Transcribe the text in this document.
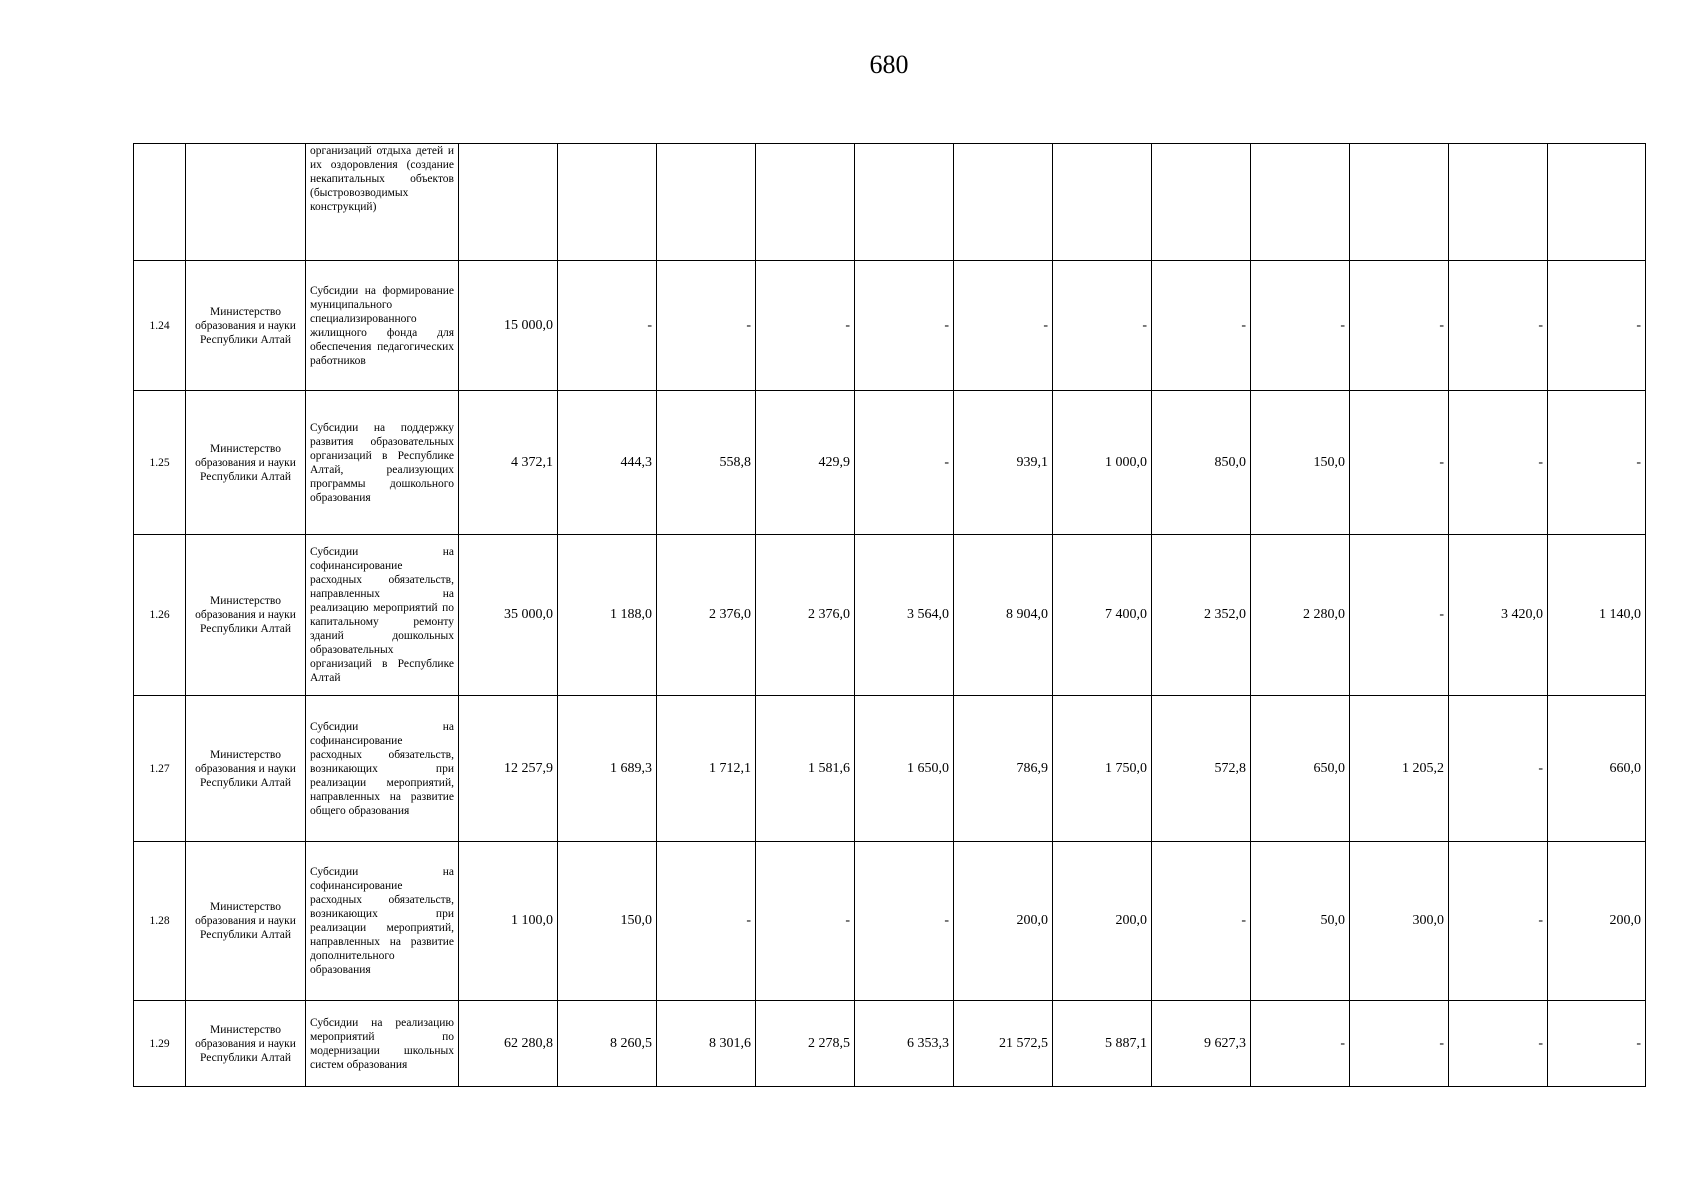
680
		организаций отдыха детей и их оздоровления (создание некапитальных объектов (быстровозводимых конструкций)												
1.24	Министерство образования и науки Республики Алтай	Субсидии на формирование муниципального специализированного жилищного фонда для обеспечения педагогических работников	15 000,0	-	-	-	-	-	-	-	-	-	-	-
1.25	Министерство образования и науки Республики Алтай	Субсидии на поддержку развития образовательных организаций в Республике Алтай, реализующих программы дошкольного образования	4 372,1	444,3	558,8	429,9	-	939,1	1 000,0	850,0	150,0	-	-	-
1.26	Министерство образования и науки Республики Алтай	Субсидии на софинансирование расходных обязательств, направленных на реализацию мероприятий по капитальному ремонту зданий дошкольных образовательных организаций в Республике Алтай	35 000,0	1 188,0	2 376,0	2 376,0	3 564,0	8 904,0	7 400,0	2 352,0	2 280,0	-	3 420,0	1 140,0
1.27	Министерство образования и науки Республики Алтай	Субсидии на софинансирование расходных обязательств, возникающих при реализации мероприятий, направленных на развитие общего образования	12 257,9	1 689,3	1 712,1	1 581,6	1 650,0	786,9	1 750,0	572,8	650,0	1 205,2	-	660,0
1.28	Министерство образования и науки Республики Алтай	Субсидии на софинансирование расходных обязательств, возникающих при реализации мероприятий, направленных на развитие дополнительного образования	1 100,0	150,0	-	-	-	200,0	200,0	-	50,0	300,0	-	200,0
1.29	Министерство образования и науки Республики Алтай	Субсидии на реализацию мероприятий по модернизации школьных систем образования	62 280,8	8 260,5	8 301,6	2 278,5	6 353,3	21 572,5	5 887,1	9 627,3	-	-	-	-
